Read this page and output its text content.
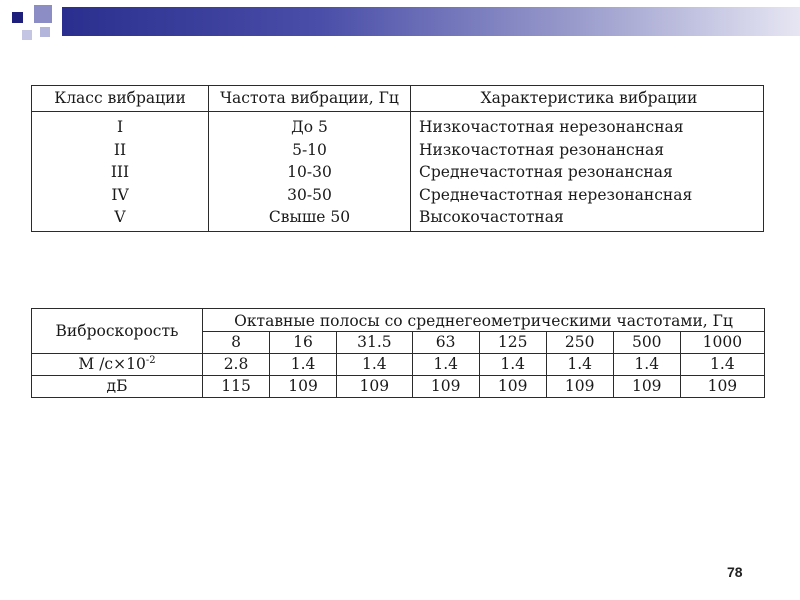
Класс вибрации	Частота вибрации, Гц	Характеристика вибрации
I	До 5	Низкочастотная нерезонансная
II	5-10	Низкочастотная резонансная
III	10-30	Среднечастотная резонансная
IV	30-50	Среднечастотная нерезонансная
V	Свыше 50	Высокочастотная
Виброскорость	Октавные полосы со среднегеометрическими частотами, Гц							
	8	16	31.5	63	125	250	500	1000
М $/с\times 10^{-2}$	2.8	1.4	1.4	1.4	1.4	1.4	1.4	1.4
дБ	115	109	109	109	109	109	109	109
78
